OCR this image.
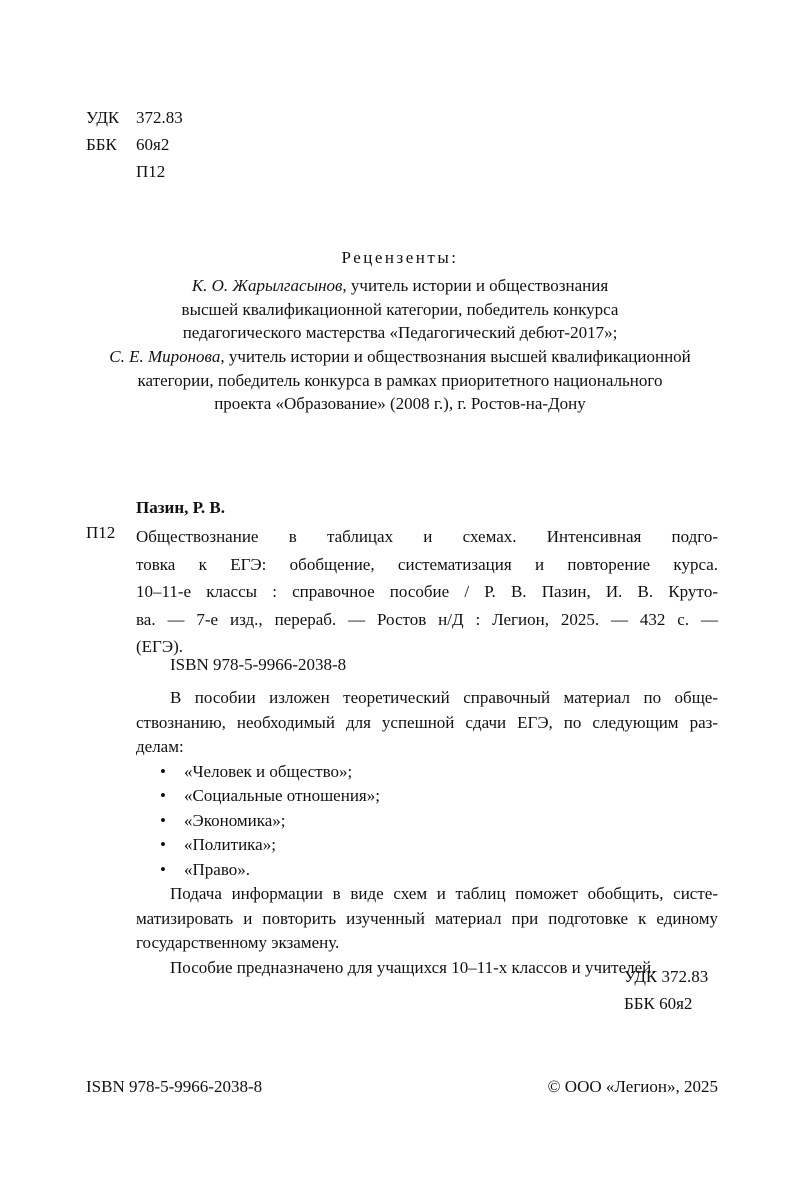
УДК 372.83
ББК 60я2
П12
Рецензенты:
К. О. Жарылгасынов, учитель истории и обществознания
высшей квалификационной категории, победитель конкурса
педагогического мастерства «Педагогический дебют-2017»;
С. Е. Миронова, учитель истории и обществознания высшей квалификационной
категории, победитель конкурса в рамках приоритетного национального
проекта «Образование» (2008 г.), г. Ростов-на-Дону
Пазин, Р. В.
П12 Обществознание в таблицах и схемах. Интенсивная подго-
товка к ЕГЭ: обобщение, систематизация и повторение курса.
10–11-е классы : справочное пособие / Р. В. Пазин, И. В. Крутo-
ва. — 7-е изд., перераб. — Ростов н/Д : Легион, 2025. — 432 с. —
(ЕГЭ).
ISBN 978-5-9966-2038-8
В пособии изложен теоретический справочный материал по обще-
ствознанию, необходимый для успешной сдачи ЕГЭ, по следующим раз-
делам:
• «Человек и общество»;
• «Социальные отношения»;
• «Экономика»;
• «Политика»;
• «Право».
Подача информации в виде схем и таблиц поможет обобщить, систе-
матизировать и повторить изученный материал при подготовке к единому
государственному экзамену.
Пособие предназначено для учащихся 10–11-х классов и учителей.
УДК 372.83
ББК 60я2
ISBN 978-5-9966-2038-8	© ООО «Легион», 2025
